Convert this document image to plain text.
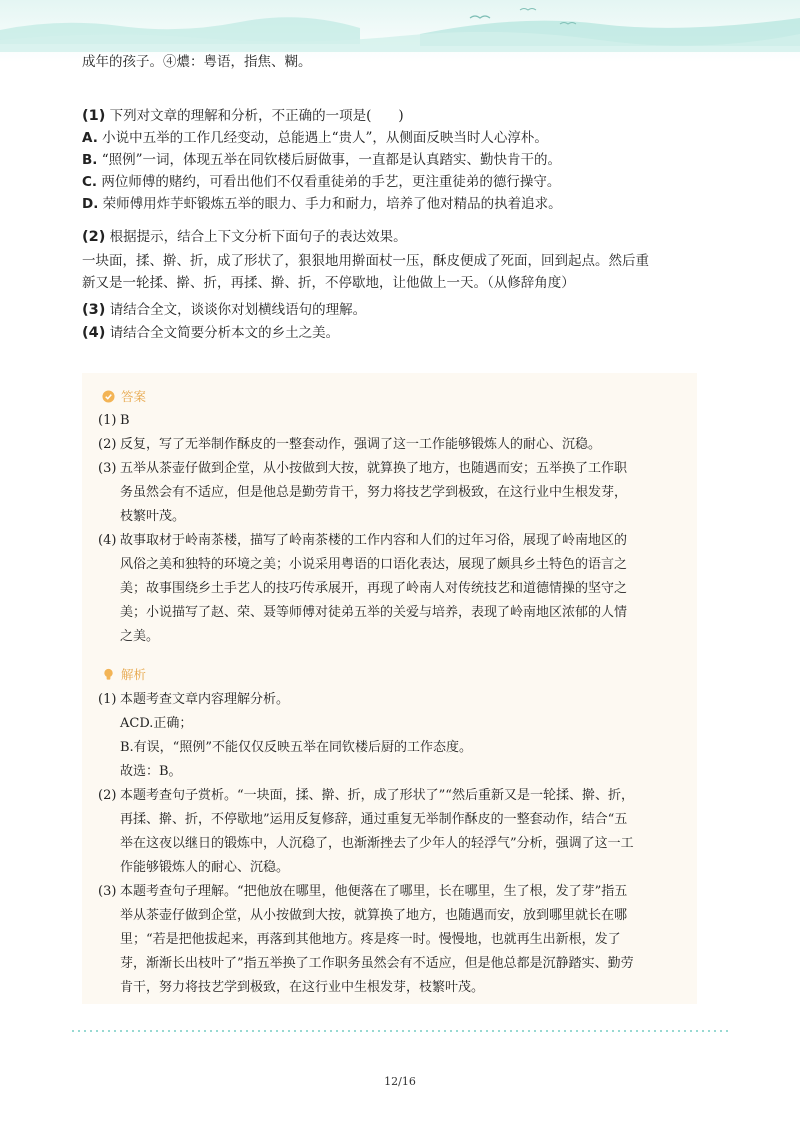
成年的孩子。④燶：粤语，指焦、糊。
(1) 下列对文章的理解和分析，不正确的一项是(  )
A. 小说中五举的工作几经变动，总能遇上“贵人”，从侧面反映当时人心淳朴。
B. “照例”一词，体现五举在同钦楼后厨做事，一直都是认真踏实、勤快肯干的。
C. 两位师傅的赌约，可看出他们不仅看重徒弟的手艺，更注重徒弟的德行操守。
D. 荣师傅用炸芋虾锻炼五举的眼力、手力和耐力，培养了他对精品的执着追求。
(2) 根据提示，结合上下文分析下面句子的表达效果。
一块面，揉、擀、折，成了形状了，狠狠地用擀面杖一压，酥皮便成了死面，回到起点。然后重
新又是一轮揉、擀、折，再揉、擀、折，不停歇地，让他做上一天。（从修辞角度）
(3) 请结合全文，谈谈你对划横线语句的理解。
(4) 请结合全文简要分析本文的乡土之美。
答案
(1) B
(2) 反复，写了无举制作酥皮的一整套动作，强调了这一工作能够锻炼人的耐心、沉稳。
(3) 五举从茶壶仔做到企堂，从小按做到大按，就算换了地方，也随遇而安；五举换了工作职
务虽然会有不适应，但是他总是勤劳肯干，努力将技艺学到极致，在这行业中生根发芽，
枝繁叶茂。
(4) 故事取材于岭南茶楼，描写了岭南茶楼的工作内容和人们的过年习俗，展现了岭南地区的
风俗之美和独特的环境之美；小说采用粤语的口语化表达，展现了颇具乡土特色的语言之
美；故事围绕乡土手艺人的技巧传承展开，再现了岭南人对传统技艺和道德情操的坚守之
美；小说描写了赵、荣、聂等师傅对徒弟五举的关爱与培养，表现了岭南地区浓郁的人情
之美。
解析
(1) 本题考查文章内容理解分析。
ACD.正确；
B.有误，“照例”不能仅仅反映五举在同钦楼后厨的工作态度。
故选：B。
(2) 本题考查句子赏析。“一块面，揉、擀、折，成了形状了”“然后重新又是一轮揉、擀、折，
再揉、擀、折，不停歇地”运用反复修辞，通过重复无举制作酥皮的一整套动作，结合“五
举在这夜以继日的锻炼中，人沉稳了，也渐渐挫去了少年人的轻浮气”分析，强调了这一工
作能够锻炼人的耐心、沉稳。
(3) 本题考查句子理解。“把他放在哪里，他便落在了哪里，长在哪里，生了根，发了芽”指五
举从茶壶仔做到企堂，从小按做到大按，就算换了地方，也随遇而安，放到哪里就长在哪
里；“若是把他拔起来，再落到其他地方。疼是疼一时。慢慢地，也就再生出新根，发了
芽，渐渐长出枝叶了”指五举换了工作职务虽然会有不适应，但是他总都是沉静踏实、勤劳
肯干，努力将技艺学到极致，在这行业中生根发芽，枝繁叶茂。
12/16
